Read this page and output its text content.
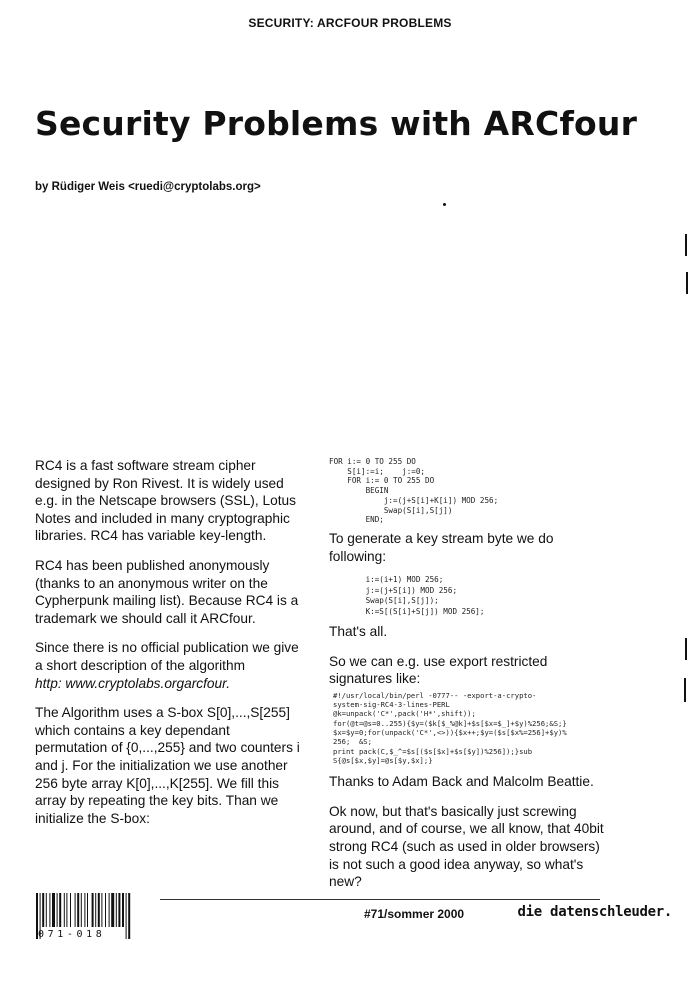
SECURITY: ARCFOUR PROBLEMS
Security Problems with ARCfour
by Rüdiger Weis <ruedi@cryptolabs.org>

RC4 is a fast software stream cipher designed by Ron Rivest. It is widely used e.g. in the Netscape browsers (SSL), Lotus Notes and included in many cryptographic libraries. RC4 has variable key-length.

RC4 has been published anonymously (thanks to an anonymous writer on the Cypherpunk mailing list). Because RC4 is a trademark we should call it ARCfour.

Since there is no official publication we give a short description of the algorithm
http: www.cryptolabs.orgarcfour.

The Algorithm uses a S-box S[0],...,S[255] which contains a key dependant permutation of {0,...,255} and two counters i and j. For the initialization we use another 256 byte array K[0],...,K[255]. We fill this array by repeating the key bits. Than we initialize the S-box:

FOR i:= 0 TO 255 DO
S[i]:=i;    j:=0;
FOR i:= 0 TO 255 DO
BEGIN
j:=(j+S[i]+K[i]) MOD 256;
Swap(S[i],S[j])
END;

To generate a key stream byte we do following:

i:=(i+1) MOD 256;
j:=(j+S[i]) MOD 256;
Swap(S[i],S[j]);
K:=S[(S[i]+S[j]) MOD 256];

That's all.

So we can e.g. use export restricted signatures like:

#!/usr/local/bin/perl -0777-- -export-a-crypto-
system-sig-RC4-3-lines-PERL
@k=unpack('C*',pack('H*',shift));
for(@t=@s=0..255){$y=($k[$_%@k]+$s[$x=$_]+$y)%256;&S;}
$x=$y=0;for(unpack('C*',<>)){$x++;$y=($s[$x%=256]+$y)%
256;  &S;
print pack(C,$_^=$s[($s[$x]+$s[$y])%256]);}sub
S{@s[$x,$y]=@s[$y,$x];}

Thanks to Adam Back and Malcolm Beattie.

Ok now, but that's basically just screwing around, and of course, we all know, that 40bit strong RC4 (such as used in older browsers) is not such a good idea anyway, so what's new?

071-018
#71/sommer 2000	die datenschleuder.
